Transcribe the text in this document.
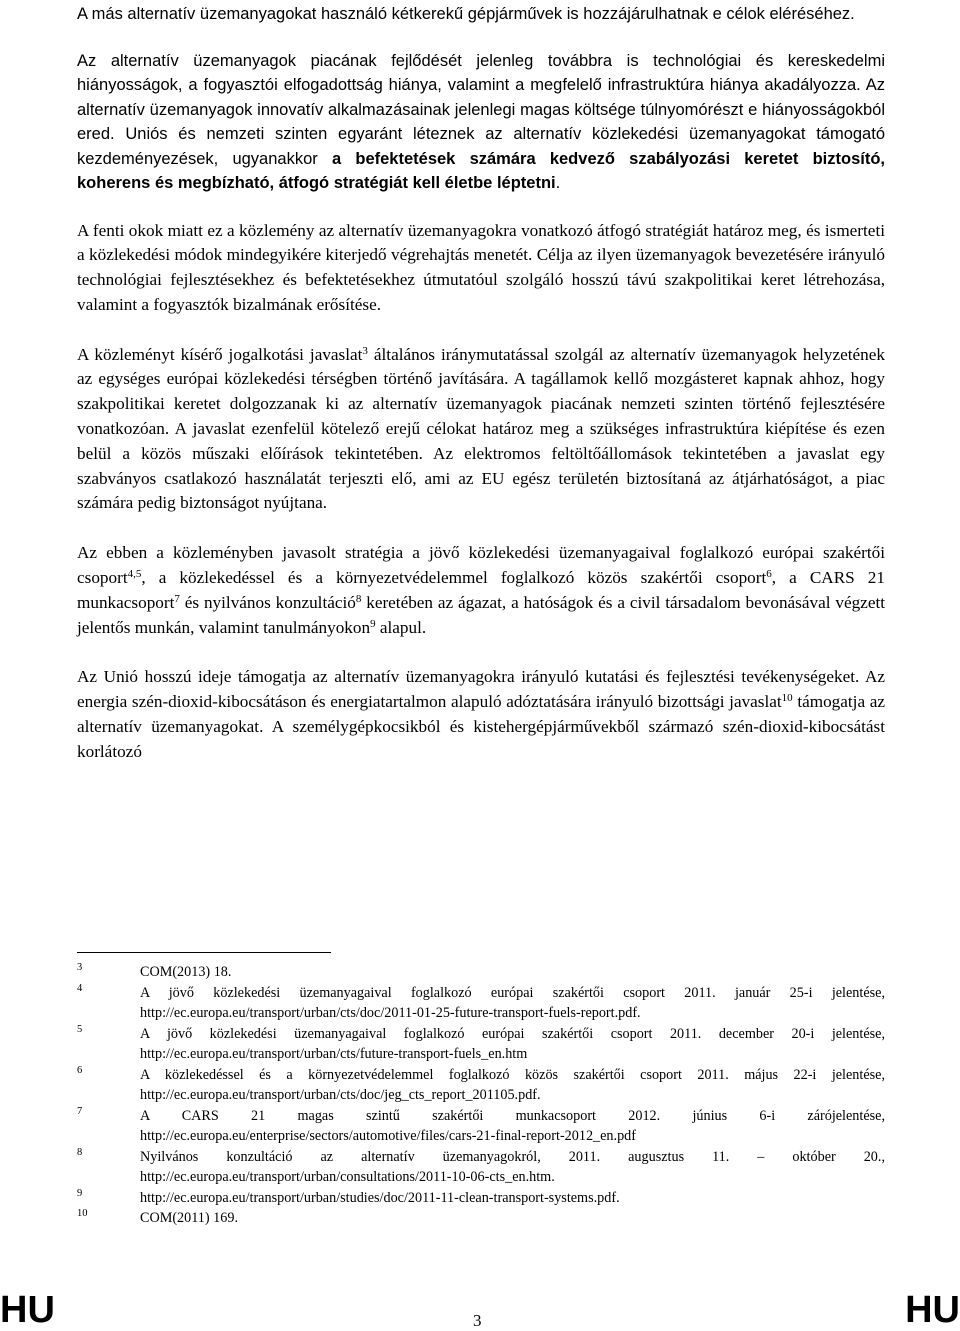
A más alternatív üzemanyagokat használó kétkerekű gépjárművek is hozzájárulhatnak e célok eléréséhez.

Az alternatív üzemanyagok piacának fejlődését jelenleg továbbra is technológiai és kereskedelmi hiányosságok, a fogyasztói elfogadottság hiánya, valamint a megfelelő infrastruktúra hiánya akadályozza. Az alternatív üzemanyagok innovatív alkalmazásainak jelenlegi magas költsége túlnyomórészt e hiányosságokból ered. Uniós és nemzeti szinten egyaránt léteznek az alternatív közlekedési üzemanyagokat támogató kezdeményezések, ugyanakkor a befektetések számára kedvező szabályozási keretet biztosító, koherens és megbízható, átfogó stratégiát kell életbe léptetni.

A fenti okok miatt ez a közlemény az alternatív üzemanyagokra vonatkozó átfogó stratégiát határoz meg, és ismerteti a közlekedési módok mindegyikére kiterjedő végrehajtás menetét. Célja az ilyen üzemanyagok bevezetésére irányuló technológiai fejlesztésekhez és befektetésekhez útmutatóul szolgáló hosszú távú szakpolitikai keret létrehozása, valamint a fogyasztók bizalmának erősítése.

A közleményt kísérő jogalkotási javaslat$^3$ általános iránymutatással szolgál az alternatív üzemanyagok helyzetének az egységes európai közlekedési térségben történő javítására. A tagállamok kellő mozgásteret kapnak ahhoz, hogy szakpolitikai keretet dolgozzanak ki az alternatív üzemanyagok piacának nemzeti szinten történő fejlesztésére vonatkozóan. A javaslat ezenfelül kötelező erejű célokat határoz meg a szükséges infrastruktúra kiépítése és ezen belül a közös műszaki előírások tekintetében. Az elektromos feltöltőállomások tekintetében a javaslat egy szabványos csatlakozó használatát terjeszti elő, ami az EU egész területén biztosítaná az átjárhatóságot, a piac számára pedig biztonságot nyújtana.

Az ebben a közleményben javasolt stratégia a jövő közlekedési üzemanyagaival foglalkozó európai szakértői csoport$^{4,5}$, a közlekedéssel és a környezetvédelemmel foglalkozó közös szakértői csoport$^6$, a CARS 21 munkacsoport$^7$ és nyilvános konzultáció$^8$ keretében az ágazat, a hatóságok és a civil társadalom bevonásával végzett jelentős munkán, valamint tanulmányokon$^9$ alapul.

Az Unió hosszú ideje támogatja az alternatív üzemanyagokra irányuló kutatási és fejlesztési tevékenységeket. Az energia szén-dioxid-kibocsátáson és energiatartalmon alapuló adóztatására irányuló bizottsági javaslat$^{10}$ támogatja az alternatív üzemanyagokat. A személygépkocsikból és kistehergépjárművekből származó szén-dioxid-kibocsátást korlátozó

3	COM(2013) 18.

4	A jövő közlekedési üzemanyagaival foglalkozó európai szakértői csoport 2011. január 25-i jelentése, http://ec.europa.eu/transport/urban/cts/doc/2011-01-25-future-transport-fuels-report.pdf.

5	A jövő közlekedési üzemanyagaival foglalkozó európai szakértői csoport 2011. december 20-i jelentése, http://ec.europa.eu/transport/urban/cts/future-transport-fuels_en.htm

6	A közlekedéssel és a környezetvédelemmel foglalkozó közös szakértői csoport 2011. május 22-i jelentése, http://ec.europa.eu/transport/urban/cts/doc/jeg_cts_report_201105.pdf.

7	A CARS 21 magas szintű szakértői munkacsoport 2012. június 6-i zárójelentése, http://ec.europa.eu/enterprise/sectors/automotive/files/cars-21-final-report-2012_en.pdf

8	Nyilvános konzultáció az alternatív üzemanyagokról, 2011. augusztus 11. – október 20., http://ec.europa.eu/transport/urban/consultations/2011-10-06-cts_en.htm.

9	http://ec.europa.eu/transport/urban/studies/doc/2011-11-clean-transport-systems.pdf.

10	COM(2011) 169.

HU	3	HU
